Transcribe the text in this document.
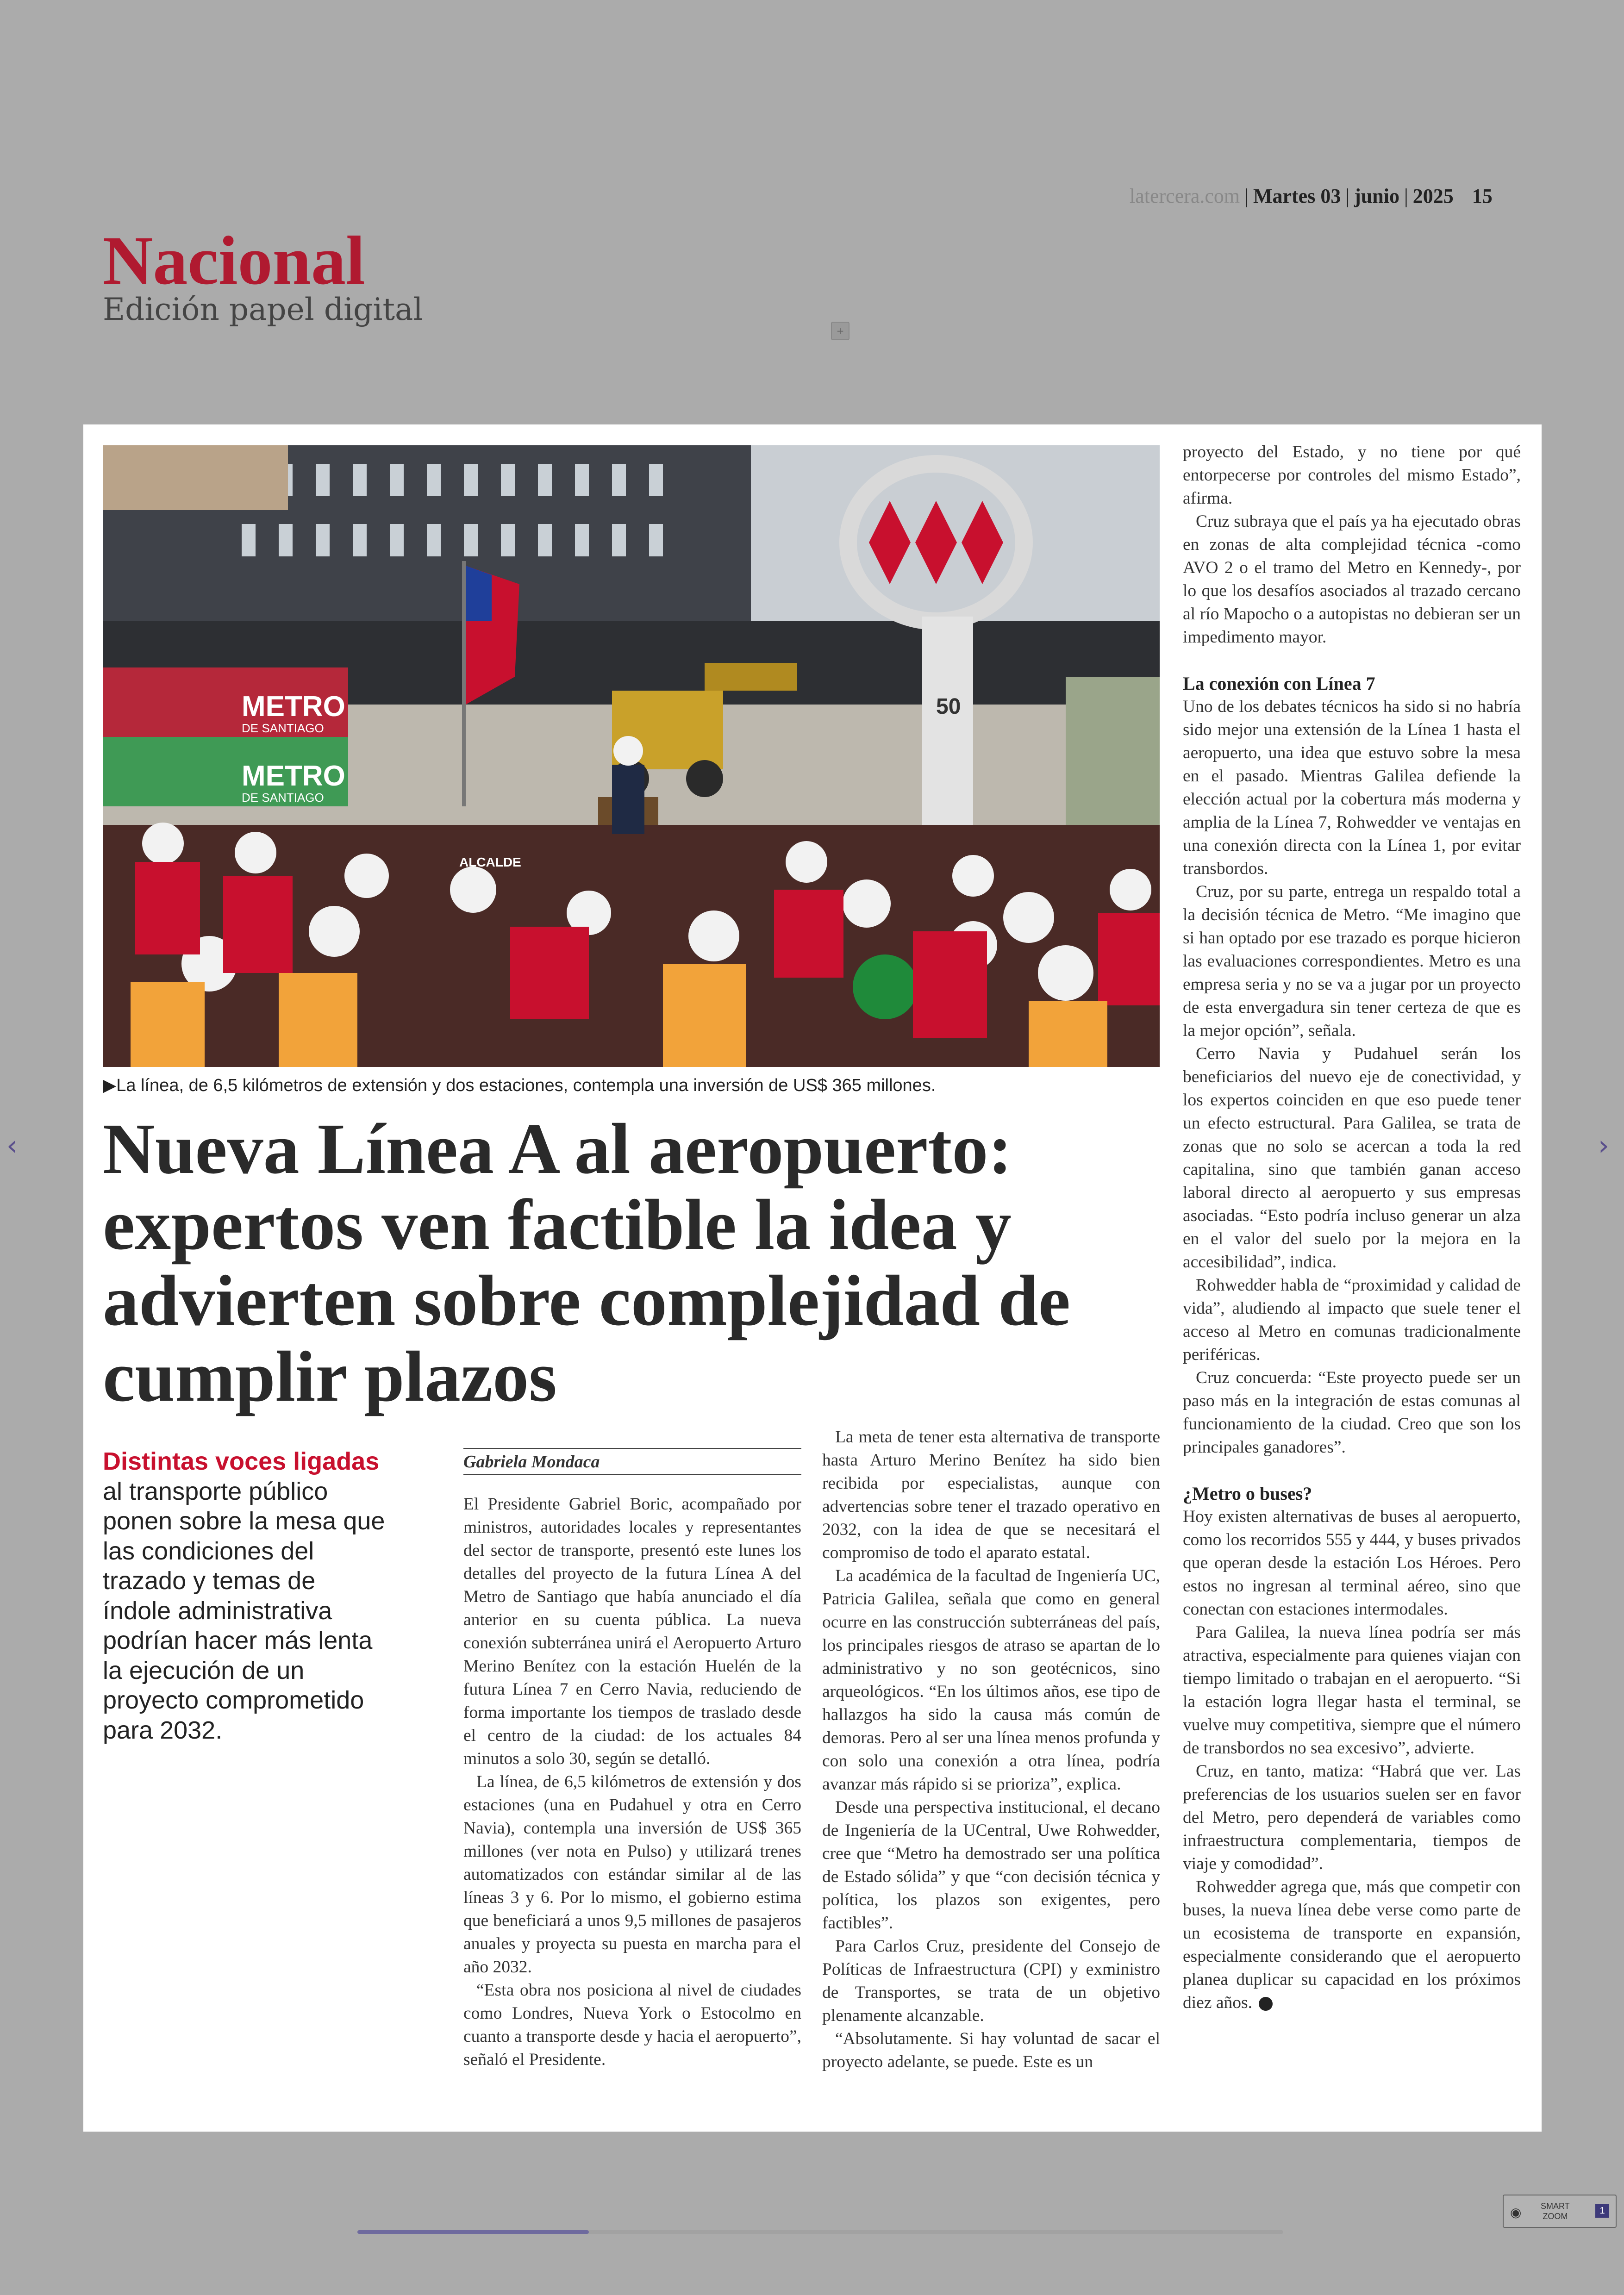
latercera.com | Martes 03 | junio | 2025 15
Nacional
Edición papel digital
+
METRO
DE SANTIAGO
METRO
DE SANTIAGO
50
ALCALDE
▶La línea, de 6,5 kilómetros de extensión y dos estaciones, contempla una inversión de US$ 365 millones.
Nueva Línea A al aeropuerto: expertos ven factible la idea y advierten sobre complejidad de cumplir plazos
Distintas voces ligadas al transporte público ponen sobre la mesa que las condiciones del trazado y temas de índole administrativa podrían hacer más lenta la ejecución de un proyecto comprometido para 2032.
Gabriela Mondaca

El Presidente Gabriel Boric, acompañado por ministros, autoridades locales y representantes del sector de transporte, presentó este lunes los detalles del proyecto de la futura Línea A del Metro de Santiago que había anunciado el día anterior en su cuenta pública. La nueva conexión subterránea unirá el Aeropuerto Arturo Merino Benítez con la estación Huelén de la futura Línea 7 en Cerro Navia, reduciendo de forma importante los tiempos de traslado desde el centro de la ciudad: de los actuales 84 minutos a solo 30, según se detalló.

La línea, de 6,5 kilómetros de extensión y dos estaciones (una en Pudahuel y otra en Cerro Navia), contempla una inversión de US$ 365 millones (ver nota en Pulso) y utilizará trenes automatizados con estándar similar al de las líneas 3 y 6. Por lo mismo, el gobierno estima que beneficiará a unos 9,5 millones de pasajeros anuales y proyecta su puesta en marcha para el año 2032.

“Esta obra nos posiciona al nivel de ciudades como Londres, Nueva York o Estocolmo en cuanto a transporte desde y hacia el aeropuerto”, señaló el Presidente.

La meta de tener esta alternativa de transporte hasta Arturo Merino Benítez ha sido bien recibida por especialistas, aunque con advertencias sobre tener el trazado operativo en 2032, con la idea de que se necesitará el compromiso de todo el aparato estatal.

La académica de la facultad de Ingeniería UC, Patricia Galilea, señala que como en general ocurre en las construcción subterráneas del país, los principales riesgos de atraso se apartan de lo administrativo y no son geotécnicos, sino arqueológicos. “En los últimos años, ese tipo de hallazgos ha sido la causa más común de demoras. Pero al ser una línea menos profunda y con solo una conexión a otra línea, podría avanzar más rápido si se prioriza”, explica.

Desde una perspectiva institucional, el decano de Ingeniería de la UCentral, Uwe Rohwedder, cree que “Metro ha demostrado ser una política de Estado sólida” y que “con decisión técnica y política, los plazos son exigentes, pero factibles”.

Para Carlos Cruz, presidente del Consejo de Políticas de Infraestructura (CPI) y exministro de Transportes, se trata de un objetivo plenamente alcanzable.

“Absolutamente. Si hay voluntad de sacar el proyecto adelante, se puede. Este es un

proyecto del Estado, y no tiene por qué entorpecerse por controles del mismo Estado”, afirma.

Cruz subraya que el país ya ha ejecutado obras en zonas de alta complejidad técnica -como AVO 2 o el tramo del Metro en Kennedy-, por lo que los desafíos asociados al trazado cercano al río Mapocho o a autopistas no debieran ser un impedimento mayor.

La conexión con Línea 7

Uno de los debates técnicos ha sido si no habría sido mejor una extensión de la Línea 1 hasta el aeropuerto, una idea que estuvo sobre la mesa en el pasado. Mientras Galilea defiende la elección actual por la cobertura más moderna y amplia de la Línea 7, Rohwedder ve ventajas en una conexión directa con la Línea 1, por evitar transbordos.

Cruz, por su parte, entrega un respaldo total a la decisión técnica de Metro. “Me imagino que si han optado por ese trazado es porque hicieron las evaluaciones correspondientes. Metro es una empresa seria y no se va a jugar por un proyecto de esta envergadura sin tener certeza de que es la mejor opción”, señala.

Cerro Navia y Pudahuel serán los beneficiarios del nuevo eje de conectividad, y los expertos coinciden en que eso puede tener un efecto estructural. Para Galilea, se trata de zonas que no solo se acercan a toda la red capitalina, sino que también ganan acceso laboral directo al aeropuerto y sus empresas asociadas. “Esto podría incluso generar un alza en el valor del suelo por la mejora en la accesibilidad”, indica.

Rohwedder habla de “proximidad y calidad de vida”, aludiendo al impacto que suele tener el acceso al Metro en comunas tradicionalmente periféricas.

Cruz concuerda: “Este proyecto puede ser un paso más en la integración de estas comunas al funcionamiento de la ciudad. Creo que son los principales ganadores”.

¿Metro o buses?

Hoy existen alternativas de buses al aeropuerto, como los recorridos 555 y 444, y buses privados que operan desde la estación Los Héroes. Pero estos no ingresan al terminal aéreo, sino que conectan con estaciones intermodales.

Para Galilea, la nueva línea podría ser más atractiva, especialmente para quienes viajan con tiempo limitado o trabajan en el aeropuerto. “Si la estación logra llegar hasta el terminal, se vuelve muy competitiva, siempre que el número de transbordos no sea excesivo”, advierte.

Cruz, en tanto, matiza: “Habrá que ver. Las preferencias de los usuarios suelen ser en favor del Metro, pero dependerá de variables como infraestructura complementaria, tiempos de viaje y comodidad”.

Rohwedder agrega que, más que competir con buses, la nueva línea debe verse como parte de un ecosistema de transporte en expansión, especialmente considerando que el aeropuerto planea duplicar su capacidad en los próximos diez años.

‹	›
◉ SMART
ZOOM
1
